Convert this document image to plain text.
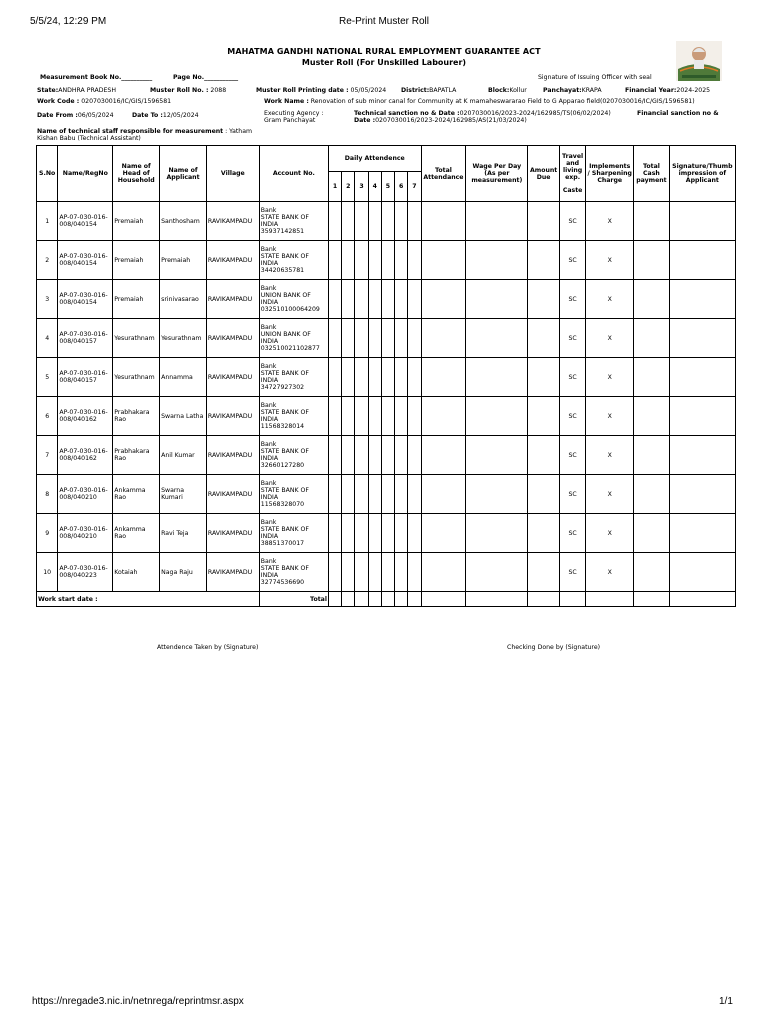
5/5/24, 12:29 PM	Re-Print Muster Roll
MAHATMA GANDHI NATIONAL RURAL EMPLOYMENT GUARANTEE ACT
Muster Roll (For Unskilled Labourer)
Measurement Book No.__________	Page No.___________	Signature of Issuing Officer with seal
State:ANDHRA PRADESH	Muster Roll No. : 2088	Muster Roll Printing date : 05/05/2024 District:BAPATLA	Block:Kollur	Panchayat:KRAPA	Financial Year:2024-2025
Work Code : 0207030016/IC/GIS/1596581	Work Name : Renovation of sub minor canal for Community at K mamaheswararao Field to G Apparao field(0207030016/IC/GIS/1596581)
Date From :06/05/2024	Date To :12/05/2024	Executing Agency :
Gram Panchayat
Technical sanction no & Date :0207030016/2023-2024/162985/TS(06/02/2024)	Financial sanction no &
Date :0207030016/2023-2024/162985/AS(21/03/2024)
Name of technical staff responsible for measurement : Yatham
Kishan Babu (Technical Assistant)
S.No	Name/RegNo	Name of Head of Household	Name of Applicant	Village	Account No.	Daily Attendence							Total Attendance	Wage Per Day (As per measurement)	Amount Due	Travel and living exp.
Caste	Implements / Sharpening Charge	Total Cash payment	Signature/Thumb impression of Applicant
						1	2	3	4	5	6	7							
1	AP-07-030-016-008/040154	Premaiah	Santhosham	RAVIKAMPADU	Bank
STATE BANK OF INDIA
35937142851											SC	X		
2	AP-07-030-016-008/040154	Premaiah	Premaiah	RAVIKAMPADU	Bank
STATE BANK OF INDIA
34420635781											SC	X		
3	AP-07-030-016-008/040154	Premaiah	srinivasarao	RAVIKAMPADU	Bank
UNION BANK OF INDIA
032510100064209											SC	X		
4	AP-07-030-016-008/040157	Yesurathnam	Yesurathnam	RAVIKAMPADU	Bank
UNION BANK OF INDIA
032510021102877											SC	X		
5	AP-07-030-016-008/040157	Yesurathnam	Annamma	RAVIKAMPADU	Bank
STATE BANK OF INDIA
34727927302											SC	X		
6	AP-07-030-016-008/040162	Prabhakara Rao	Swarna Latha	RAVIKAMPADU	Bank
STATE BANK OF INDIA
11568328014											SC	X		
7	AP-07-030-016-008/040162	Prabhakara Rao	Anil Kumar	RAVIKAMPADU	Bank
STATE BANK OF INDIA
32660127280											SC	X		
8	AP-07-030-016-008/040210	Ankamma Rao	Swarna Kumari	RAVIKAMPADU	Bank
STATE BANK OF INDIA
11568328070											SC	X		
9	AP-07-030-016-008/040210	Ankamma Rao	Ravi Teja	RAVIKAMPADU	Bank
STATE BANK OF INDIA
38851370017											SC	X		
10	AP-07-030-016-008/040223	Kotaiah	Naga Raju	RAVIKAMPADU	Bank
STATE BANK OF INDIA
32774536690											SC	X		
Work start date :					Total														
Attendence Taken by (Signature)	Checking Done by (Signature)
https://nregade3.nic.in/netnrega/reprintmsr.aspx	1/1
